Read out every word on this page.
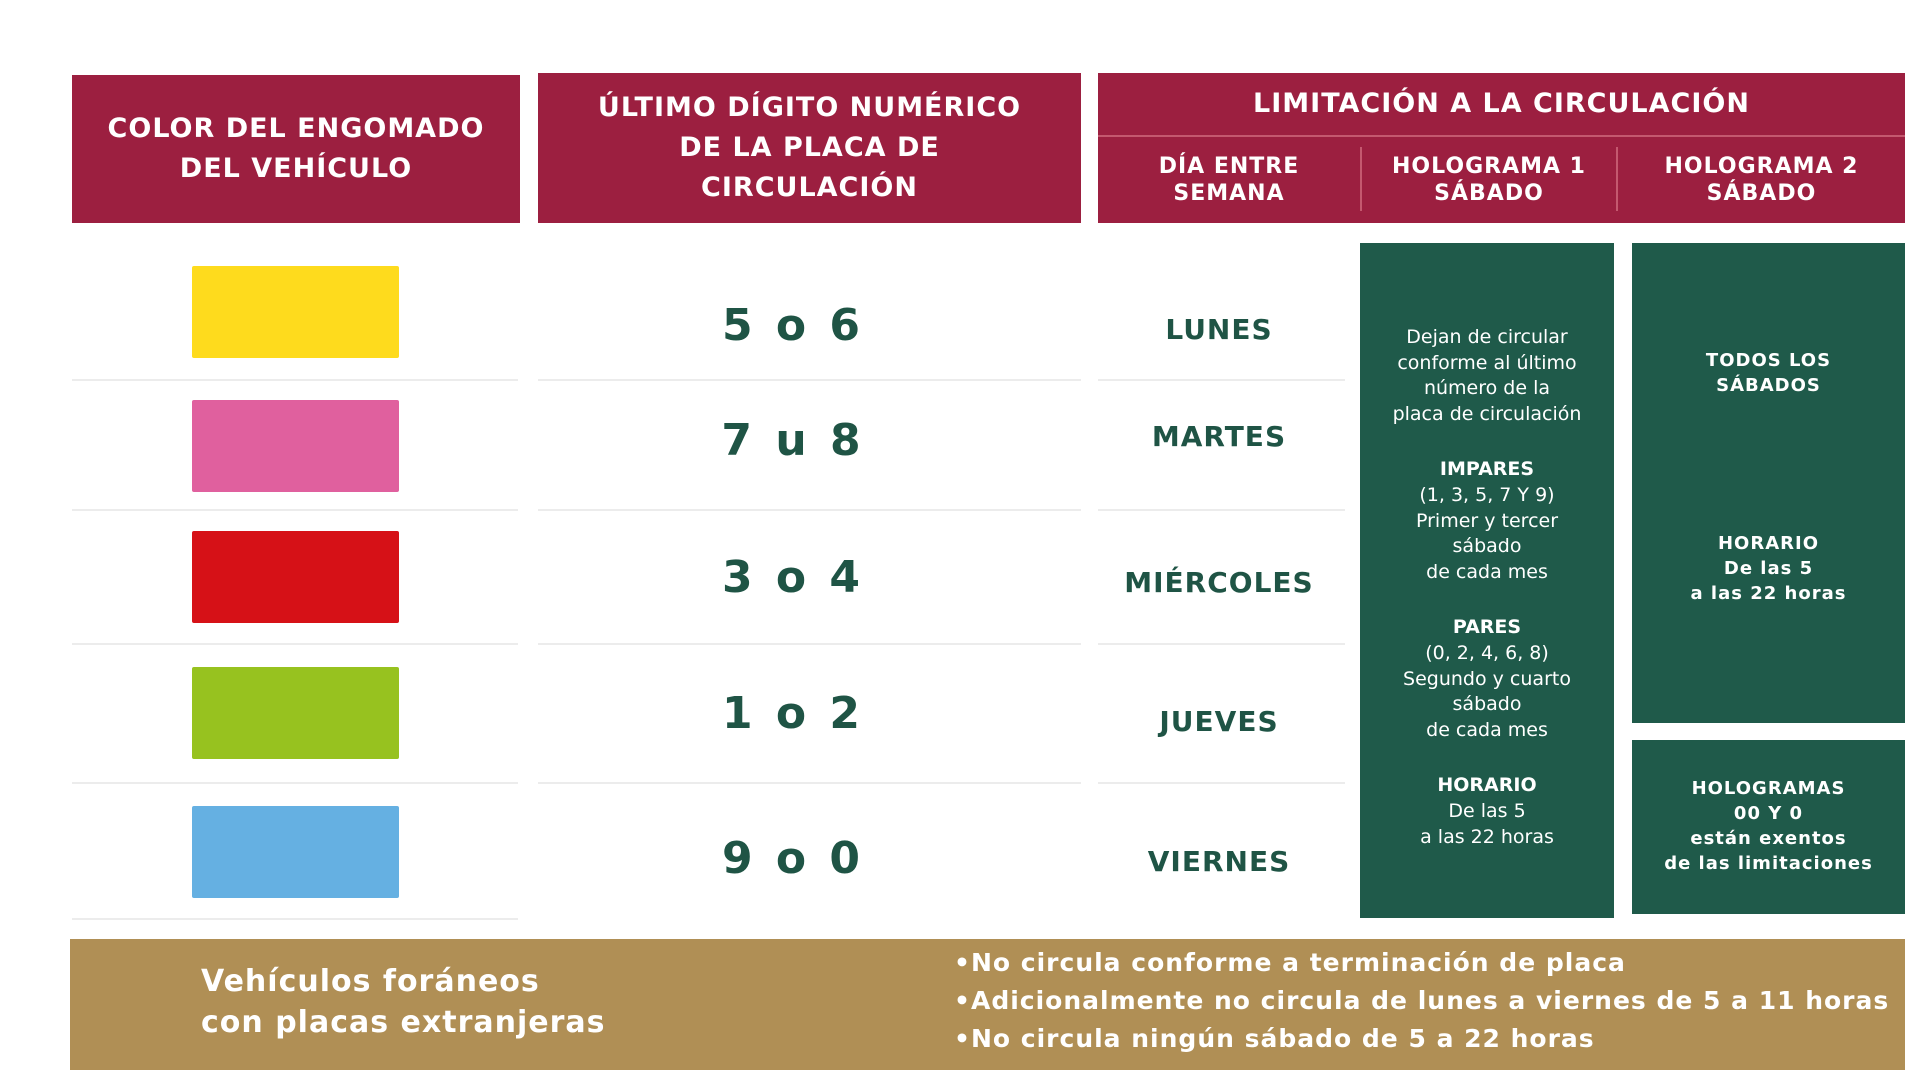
COLOR DEL ENGOMADO
DEL VEHÍCULO
ÚLTIMO DÍGITO NUMÉRICO
DE LA PLACA DE
CIRCULACIÓN
LIMITACIÓN A LA CIRCULACIÓN
DÍA ENTRE
SEMANA
HOLOGRAMA 1
SÁBADO
HOLOGRAMA 2
SÁBADO
5 o 6
7 u 8
3 o 4
1 o 2
9 o 0
LUNES
MARTES
MIÉRCOLES
JUEVES
VIERNES
Dejan de circular
conforme al último
número de la
placa de circulación
IMPARES
(1, 3, 5, 7 Y 9)
Primer y tercer
sábado
de cada mes
PARES
(0, 2, 4, 6, 8)
Segundo y cuarto
sábado
de cada mes
HORARIO
De las 5
a las 22 horas
TODOS LOS
SÁBADOS
HORARIO
De las 5
a las 22 horas
HOLOGRAMAS
00 Y 0
están exentos
de las limitaciones
Vehículos foráneos
con placas extranjeras
•No circula conforme a terminación de placa
•Adicionalmente no circula de lunes a viernes de 5 a 11 horas
•No circula ningún sábado de 5 a 22 horas
